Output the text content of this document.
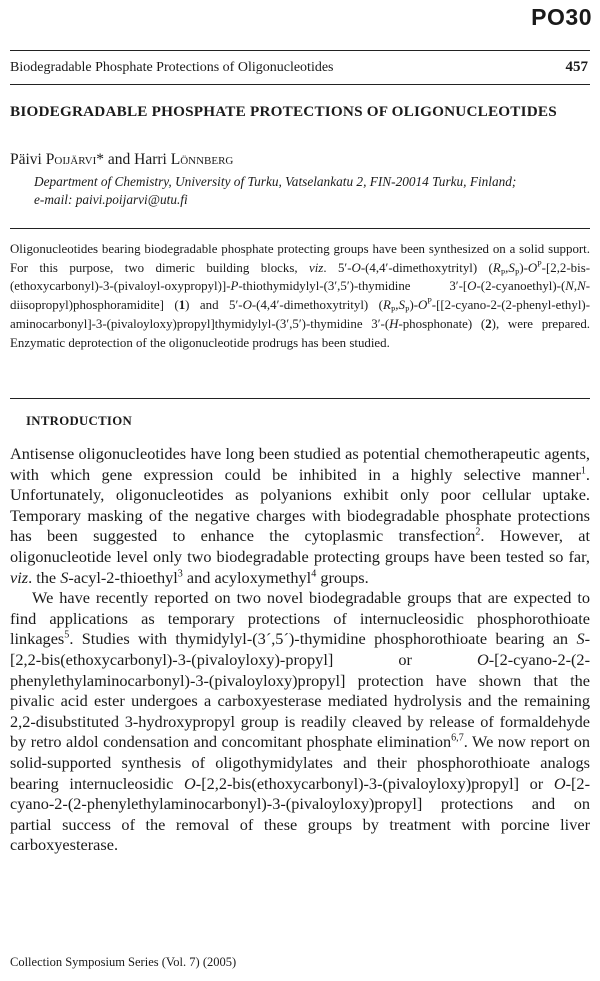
PO30
Biodegradable Phosphate Protections of Oligonucleotides	457
BIODEGRADABLE PHOSPHATE PROTECTIONS OF OLIGONUCLEOTIDES
Päivi Poijärvi* and Harri Lönnberg
Department of Chemistry, University of Turku, Vatselankatu 2, FIN-20014 Turku, Finland;
e-mail: paivi.poijarvi@utu.fi

Oligonucleotides bearing biodegradable phosphate protecting groups have been synthesized on a solid support. For this purpose, two dimeric building blocks, viz. 5′-O-(4,4′-dimethoxytrityl) $(R_P,S_P)-O^P-[2,2-bis-(ethoxycarbonyl)-3-(pivaloyl-oxypropyl)]-P-thiothymidylyl-(3',5')$-thymidine 3′-[O-(2-cyanoethyl)-(N,N-diisopropyl)phosphoramidite] (1) and 5′-O-(4,4′-dimethoxytrityl) $(R_P,S_P)-O^P-[[2-cyano-2-(2-phenyl-ethyl)-aminocarbonyl]-3-(pivaloyloxy)propyl]thymidylyl-(3',5')$-thymidine 3′-(H-phosphonate) (2), were prepared. Enzymatic deprotection of the oligonucleotide prodrugs has been studied.

INTRODUCTION

Antisense oligonucleotides have long been studied as potential chemotherapeutic agents, with which gene expression could be inhibited in a highly selective manner$^1$. Unfortunately, oligonucleotides as polyanions exhibit only poor cellular uptake. Temporary masking of the negative charges with biodegradable phosphate protections has been suggested to enhance the cytoplasmic transfection$^2$. However, at oligonucleotide level only two biodegradable protecting groups have been tested so far, viz. the S-acyl-2-thioethyl$^3$ and acyloxymethyl$^4$ groups.

We have recently reported on two novel biodegradable groups that are expected to find applications as temporary protections of internucleosidic phosphorothioate linkages$^5$. Studies with thymidylyl-(3´,5´)-thymidine phosphorothioate bearing an S-[2,2-bis(ethoxycarbonyl)-3-(pivaloyloxy)-propyl] or O-[2-cyano-2-(2-phenylethylaminocarbonyl)-3-(pivaloyloxy)propyl] protection have shown that the pivalic acid ester undergoes a carboxyesterase mediated hydrolysis and the remaining 2,2-disubstituted 3-hydroxypropyl group is readily cleaved by release of formaldehyde by retro aldol condensation and concomitant phosphate elimination$^{6,7}$. We now report on solid-supported synthesis of oligothymidylates and their phosphorothioate analogs bearing internucleosidic O-[2,2-bis(ethoxycarbonyl)-3-(pivaloyloxy)propyl] or O-[2-cyano-2-(2-phenylethylaminocarbonyl)-3-(pivaloyloxy)propyl] protections and on partial success of the removal of these groups by treatment with porcine liver carboxyesterase.

Collection Symposium Series (Vol. 7) (2005)
